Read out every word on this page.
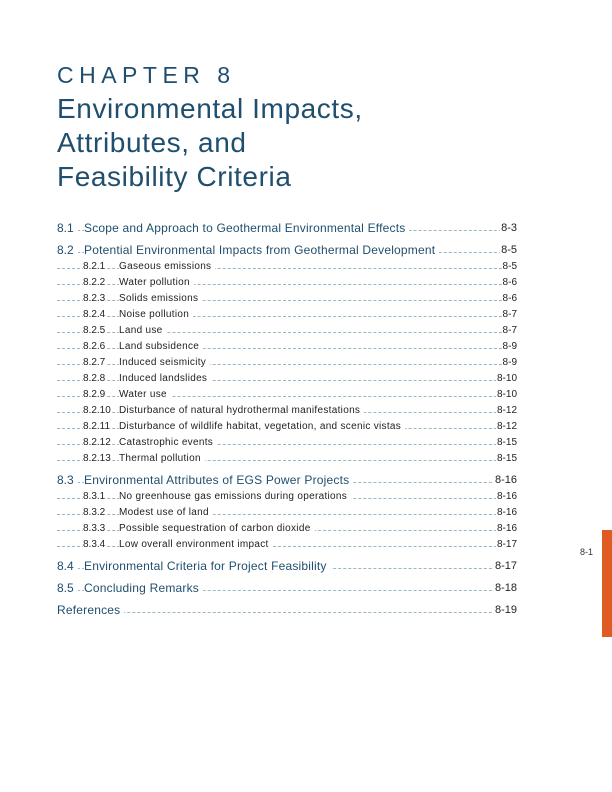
CHAPTER 8
Environmental Impacts,
Attributes, and
Feasibility Criteria
8.1 Scope and Approach to Geothermal Environmental Effects	8-3
8.2 Potential Environmental Impacts from Geothermal Development	8-5
8.2.1 Gaseous emissions	8-5
8.2.2 Water pollution	8-6
8.2.3 Solids emissions	8-6
8.2.4 Noise pollution	8-7
8.2.5 Land use	8-7
8.2.6 Land subsidence	8-9
8.2.7 Induced seismicity	8-9
8.2.8 Induced landslides	8-10
8.2.9 Water use	8-10
8.2.10 Disturbance of natural hydrothermal manifestations	8-12
8.2.11 Disturbance of wildlife habitat, vegetation, and scenic vistas	8-12
8.2.12 Catastrophic events	8-15
8.2.13 Thermal pollution	8-15
8.3 Environmental Attributes of EGS Power Projects	8-16
8.3.1 No greenhouse gas emissions during operations	8-16
8.3.2 Modest use of land	8-16
8.3.3 Possible sequestration of carbon dioxide	8-16
8.3.4 Low overall environment impact	8-17
8.4 Environmental Criteria for Project Feasibility	8-17
8.5 Concluding Remarks	8-18
References	8-19
8-1
